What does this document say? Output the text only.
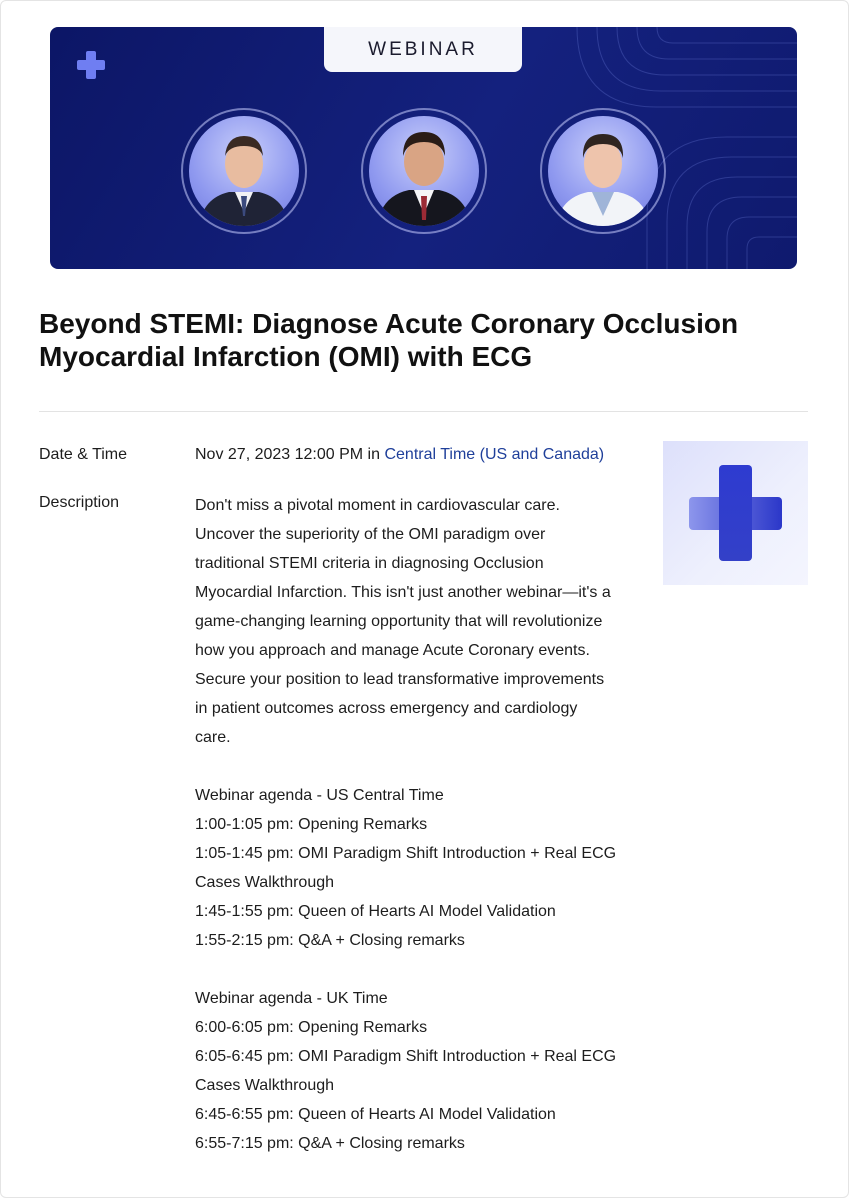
WEBINAR
Beyond STEMI: Diagnose Acute Coronary Occlusion
Myocardial Infarction (OMI) with ECG
Date & Time	Nov 27, 2023 12:00 PM in Central Time (US and Canada)
Description	Don't miss a pivotal moment in cardiovascular care.
Uncover the superiority of the OMI paradigm over
traditional STEMI criteria in diagnosing Occlusion
Myocardial Infarction. This isn't just another webinar—it's a
game-changing learning opportunity that will revolutionize
how you approach and manage Acute Coronary events.
Secure your position to lead transformative improvements
in patient outcomes across emergency and cardiology
care.
Webinar agenda - US Central Time
1:00-1:05 pm: Opening Remarks
1:05-1:45 pm: OMI Paradigm Shift Introduction + Real ECG
Cases Walkthrough
1:45-1:55 pm: Queen of Hearts AI Model Validation
1:55-2:15 pm: Q&A + Closing remarks
Webinar agenda - UK Time
6:00-6:05 pm: Opening Remarks
6:05-6:45 pm: OMI Paradigm Shift Introduction + Real ECG
Cases Walkthrough
6:45-6:55 pm: Queen of Hearts AI Model Validation
6:55-7:15 pm: Q&A + Closing remarks
